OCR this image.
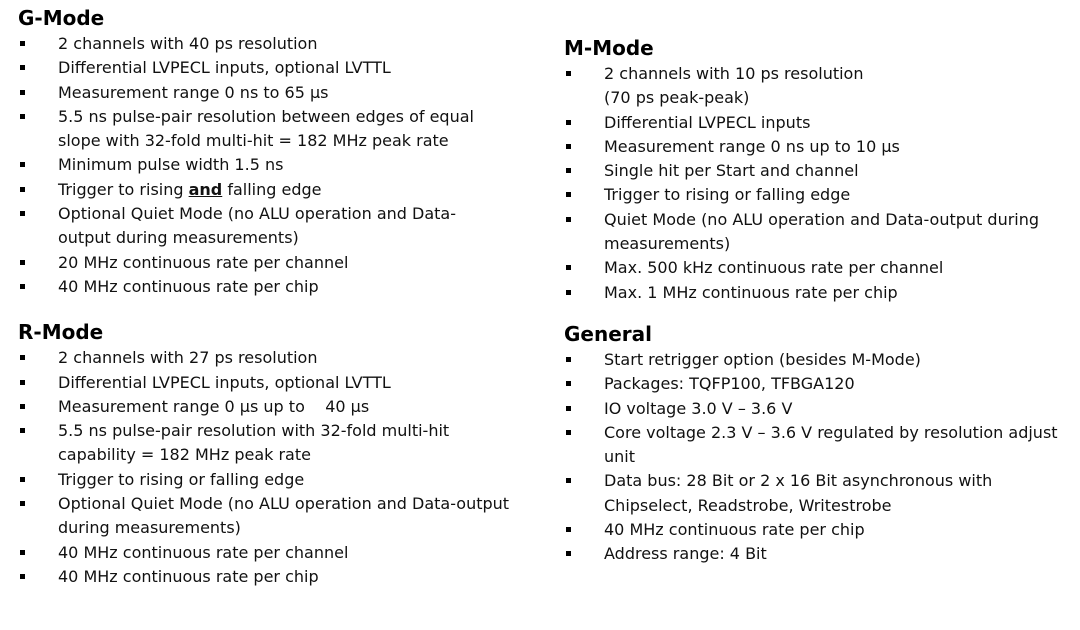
G-Mode
2 channels with 40 ps resolution
Differential LVPECL inputs, optional LVTTL
Measurement range 0 ns to 65 µs
5.5 ns pulse-pair resolution between edges of equal slope with 32-fold multi-hit = 182 MHz peak rate
Minimum pulse width 1.5 ns
Trigger to rising and falling edge
Optional Quiet Mode (no ALU operation and Data-output during measurements)
20 MHz continuous rate per channel
40 MHz continuous rate per chip
R-Mode
2 channels with 27 ps resolution
Differential LVPECL inputs, optional LVTTL
Measurement range 0 µs up to    40 µs
5.5 ns pulse-pair resolution with 32-fold multi-hit capability = 182 MHz peak rate
Trigger to rising or falling edge
Optional Quiet Mode (no ALU operation and Data-output during measurements)
40 MHz continuous rate per channel
40 MHz continuous rate per chip
M-Mode
2 channels with 10 ps resolution (70 ps peak-peak)
Differential LVPECL inputs
Measurement range 0 ns up to 10 µs
Single hit per Start and channel
Trigger to rising or falling edge
Quiet Mode (no ALU operation and Data-output during measurements)
Max. 500 kHz continuous rate per channel
Max. 1 MHz continuous rate per chip
General
Start retrigger option (besides M-Mode)
Packages: TQFP100, TFBGA120
IO voltage 3.0 V – 3.6 V
Core voltage 2.3 V – 3.6 V regulated by resolution adjust unit
Data bus: 28 Bit or 2 x 16 Bit asynchronous with Chipselect, Readstrobe, Writestrobe
40 MHz continuous rate per chip
Address range: 4 Bit
